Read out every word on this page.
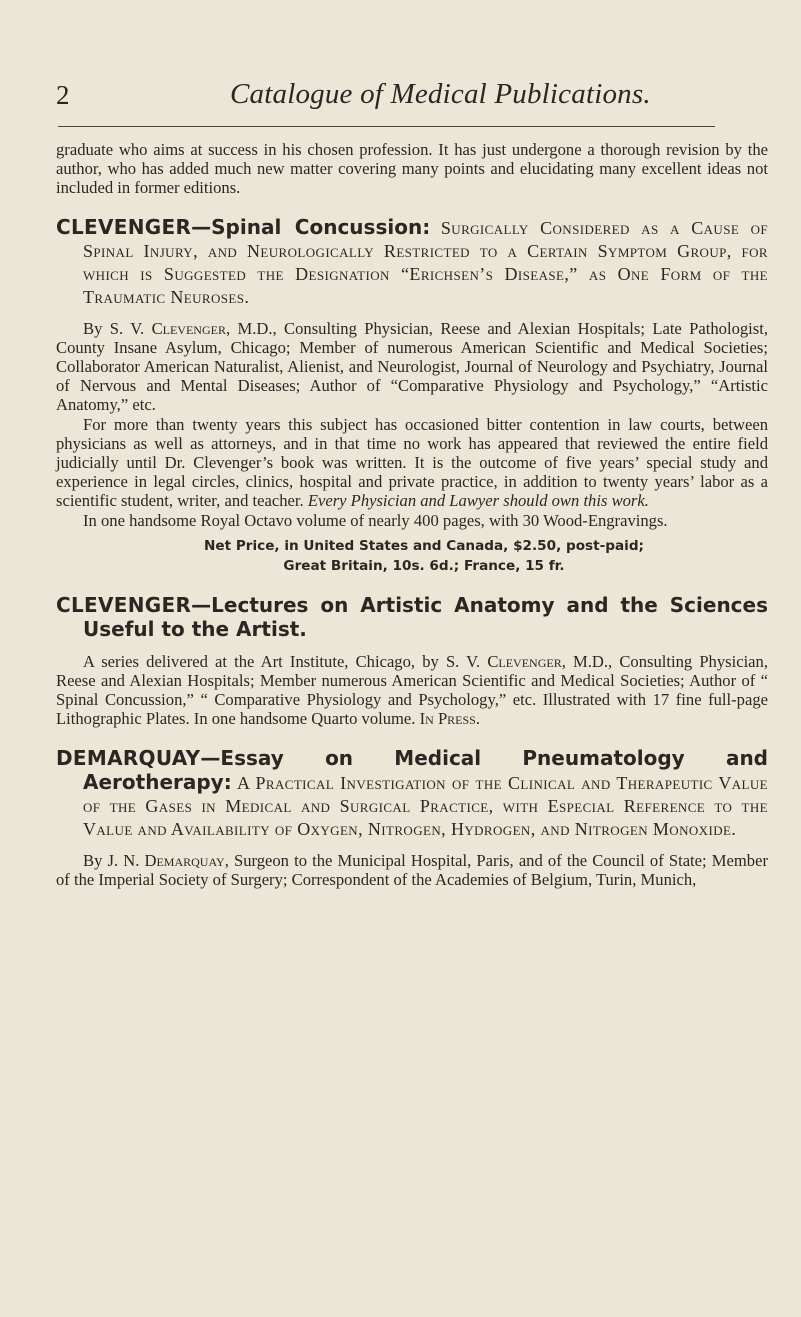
2	Catalogue of Medical Publications.

graduate who aims at success in his chosen profession. It has just undergone a thorough revision by the author, who has added much new matter covering many points and elucidating many excellent ideas not included in former editions.

CLEVENGER—Spinal Concussion: Surgically Considered as a Cause of Spinal Injury, and Neurologically Restricted to a Certain Symptom Group, for which is Suggested the Designation “Erichsen’s Disease,” as One Form of the Traumatic Neuroses.

By S. V. Clevenger, M.D., Consulting Physician, Reese and Alexian Hospitals; Late Pathologist, County Insane Asylum, Chicago; Member of numerous American Scientific and Medical Societies; Collaborator American Naturalist, Alienist, and Neurologist, Journal of Neurology and Psychiatry, Journal of Nervous and Mental Diseases; Author of “Comparative Physiology and Psychology,” “Artistic Anatomy,” etc.

For more than twenty years this subject has occasioned bitter contention in law courts, between physicians as well as attorneys, and in that time no work has appeared that reviewed the entire field judicially until Dr. Clevenger’s book was written. It is the outcome of five years’ special study and experience in legal circles, clinics, hospital and private practice, in addition to twenty years’ labor as a scientific student, writer, and teacher. Every Physician and Lawyer should own this work.

In one handsome Royal Octavo volume of nearly 400 pages, with 30 Wood-Engravings.

Net Price, in United States and Canada, $2.50, post-paid;

Great Britain, 10s. 6d.; France, 15 fr.

CLEVENGER—Lectures on Artistic Anatomy and the Sciences Useful to the Artist.

A series delivered at the Art Institute, Chicago, by S. V. Clevenger, M.D., Consulting Physician, Reese and Alexian Hospitals; Member numerous American Scientific and Medical Societies; Author of “ Spinal Concussion,” “ Comparative Physiology and Psychology,” etc. Illustrated with 17 fine full-page Lithographic Plates. In one handsome Quarto volume. In Press.

DEMARQUAY—Essay on Medical Pneumatology and Aerotherapy: A Practical Investigation of the Clinical and Therapeutic Value of the Gases in Medical and Surgical Practice, with Especial Reference to the Value and Availability of Oxygen, Nitrogen, Hydrogen, and Nitrogen Monoxide.

By J. N. Demarquay, Surgeon to the Municipal Hospital, Paris, and of the Council of State; Member of the Imperial Society of Surgery; Correspondent of the Academies of Belgium, Turin, Munich,
